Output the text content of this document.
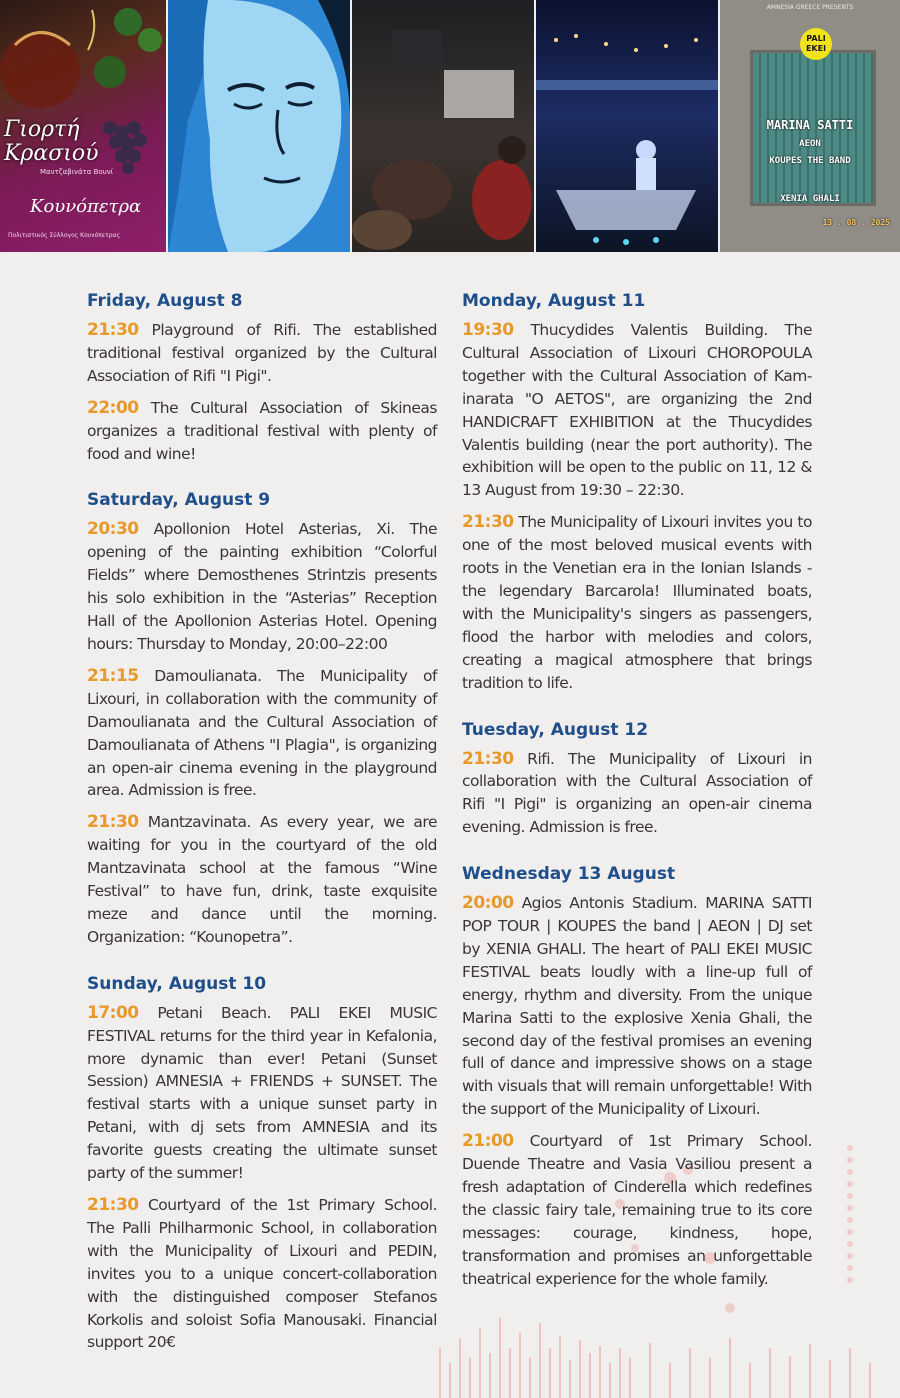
Γιορτή
Κρασιού
Μαντζαβινάτα Βουνί
Κουνόπετρα
Πολιτιστικός Σύλλογος Κουνόπετρας
AMNESIA GREECE PRESENTS
PALI EKEI
MARINA SATTI
AEON
KOUPES THE BAND
XENIA GHALI
13 . 08 . 2025
Friday, August 8

21:30 Playground of Rifi. The established traditional festival organized by the Cultural Association of Rifi "I Pigi".

22:00 The Cultural Association of Skineas organizes a traditional festival with plenty of food and wine!

Saturday, August 9

20:30 Apollonion Hotel Asterias, Xi. The opening of the painting exhibition “Colorful Fields” where Demosthenes Strintzis presents his solo exhibition in the “Asterias” Reception Hall of the Apollonion Asterias Hotel. Opening hours: Thursday to Monday, 20:00–22:00

21:15 Damoulianata. The Municipality of Lixouri, in collaboration with the community of Damoulianata and the Cultural Association of Damoulianata of Athens "I Plagia", is organizing an open-air cinema evening in the playground area. Admission is free.

21:30 Mantzavinata. As every year, we are waiting for you in the courtyard of the old Mantzavinata school at the famous “Wine Festival” to have fun, drink, taste exquisite meze and dance until the morning. Organization: “Kounopetra”.

Sunday, August 10

17:00 Petani Beach. PALI EKEI MUSIC FESTIVAL returns for the third year in Kefalonia, more dynamic than ever! Petani (Sunset Session) AMNESIA + FRIENDS + SUNSET. The festival starts with a unique sunset party in Petani, with dj sets from AMNESIA and its favorite guests creating the ultimate sunset party of the summer!

21:30 Courtyard of the 1st Primary School. The Palli Philharmonic School, in collaboration with the Municipality of Lixouri and PEDIN, invites you to a unique concert-collaboration with the distinguished composer Stefanos Korkolis and soloist Sofia Manousaki. Financial support 20€

Monday, August 11

19:30 Thucydides Valentis Building. The Cultural Association of Lixouri CHOROPOULA together with the Cultural Association of Kam-inarata "O AETOS", are organizing the 2nd HANDICRAFT EXHIBITION at the Thucydides Valentis building (near the port authority). The exhibition will be open to the public on 11, 12 & 13 August from 19:30 – 22:30.

21:30 The Municipality of Lixouri invites you to one of the most beloved musical events with roots in the Venetian era in the Ionian Islands - the legendary Barcarola! Illuminated boats, with the Municipality's singers as passengers, flood the harbor with melodies and colors, creating a magical atmosphere that brings tradition to life.

Tuesday, August 12

21:30 Rifi. The Municipality of Lixouri in collaboration with the Cultural Association of Rifi "I Pigi" is organizing an open-air cinema evening. Admission is free.

Wednesday 13 August

20:00 Agios Antonis Stadium. MARINA SATTI POP TOUR | KOUPES the band | AEON | DJ set by XENIA GHALI. The heart of PALI EKEI MUSIC FESTIVAL beats loudly with a line-up full of energy, rhythm and diversity. From the unique Marina Satti to the explosive Xenia Ghali, the second day of the festival promises an evening full of dance and impressive shows on a stage with visuals that will remain unforgettable! With the support of the Municipality of Lixouri.

21:00 Courtyard of 1st Primary School. Duende Theatre and Vasia Vasiliou present a fresh adaptation of Cinderella which redefines the classic fairy tale, remaining true to its core messages: courage, kindness, hope, transformation and promises an unforgettable theatrical experience for the whole family.
